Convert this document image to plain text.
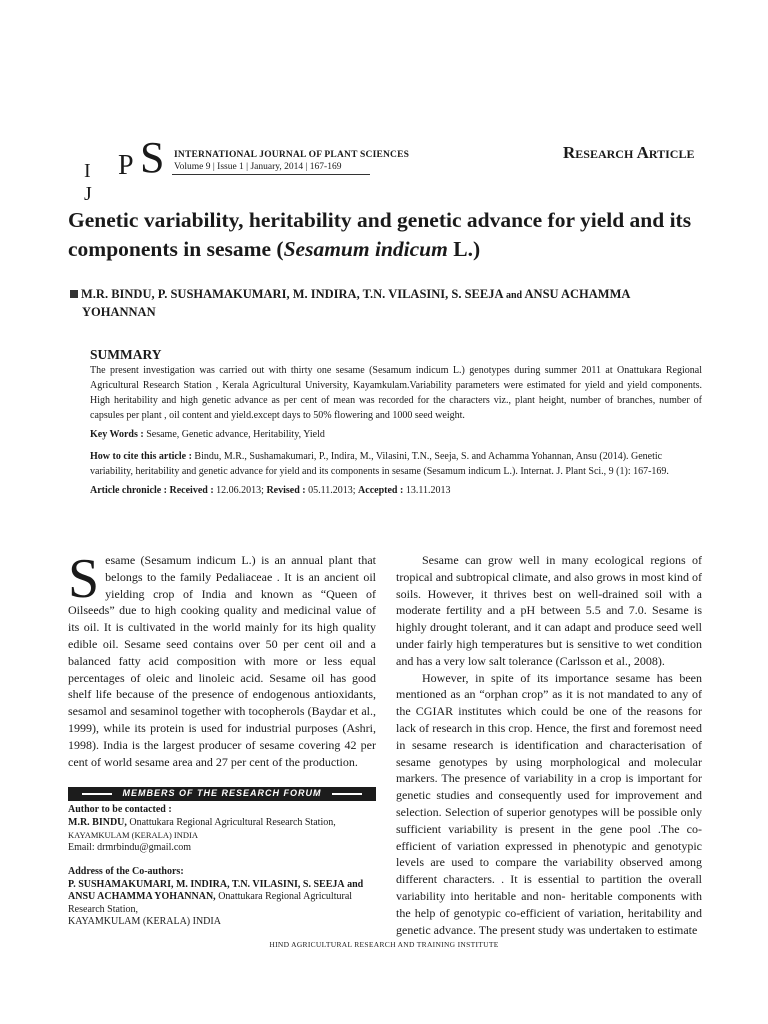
I J
P S INTERNATIONAL JOURNAL OF PLANT SCIENCES
Volume 9 | Issue 1 | January, 2014 | 167-169
Research Article
Genetic variability, heritability and genetic advance for yield and its components in sesame (Sesamum indicum L.)
M.R. BINDU, P. SUSHAMAKUMARI, M. INDIRA, T.N. VILASINI, S. SEEJA and ANSU ACHAMMA
YOHANNAN
SUMMARY
The present investigation was carried out with thirty one sesame (Sesamum indicum L.) genotypes during summer 2011 at Onattukara Regional Agricultural Research Station , Kerala Agricultural University, Kayamkulam.Variability parameters were estimated for yield and yield components. High heritability and high genetic advance as per cent of mean was recorded for the characters viz., plant height, number of branches, number of capsules per plant , oil content and yield.except days to 50% flowering and 1000 seed weight.
Key Words : Sesame, Genetic advance, Heritability, Yield
How to cite this article : Bindu, M.R., Sushamakumari, P., Indira, M., Vilasini, T.N., Seeja, S. and Achamma Yohannan, Ansu (2014). Genetic variability, heritability and genetic advance for yield and its components in sesame (Sesamum indicum L.). Internat. J. Plant Sci., 9 (1): 167-169.
Article chronicle : Received : 12.06.2013; Revised : 05.11.2013; Accepted : 13.11.2013
S esame (Sesamum indicum L.) is an annual plant that belongs to the family Pedaliaceae . It is an ancient oil yielding crop of India and known as “Queen of Oilseeds” due to high cooking quality and medicinal value of its oil. It is cultivated in the world mainly for its high quality edible oil. Sesame seed contains over 50 per cent oil and a balanced fatty acid composition with more or less equal percentages of oleic and linoleic acid. Sesame oil has good shelf life because of the presence of endogenous antioxidants, sesamol and sesaminol together with tocopherols (Baydar et al., 1999), while its protein is used for industrial purposes (Ashri, 1998). India is the largest producer of sesame covering 42 per cent of world sesame area and 27 per cent of the production.

MEMBERS OF THE RESEARCH FORUM
Author to be contacted :
M.R. BINDU, Onattukara Regional Agricultural Research Station,
KAYAMKULAM (KERALA) INDIA
Email: drmrbindu@gmail.com
Address of the Co-authors:
P. SUSHAMAKUMARI, M. INDIRA, T.N. VILASINI, S. SEEJA and
ANSU ACHAMMA YOHANNAN, Onattukara Regional Agricultural Research Station,
KAYAMKULAM (KERALA) INDIA

Sesame can grow well in many ecological regions of tropical and subtropical climate, and also grows in most kind of soils. However, it thrives best on well-drained soil with a moderate fertility and a pH between 5.5 and 7.0. Sesame is highly drought tolerant, and it can adapt and produce seed well under fairly high temperatures but is sensitive to wet condition and has a very low salt tolerance (Carlsson et al., 2008).

However, in spite of its importance sesame has been mentioned as an “orphan crop” as it is not mandated to any of the CGIAR institutes which could be one of the reasons for lack of research in this crop. Hence, the first and foremost need in sesame research is identification and characterisation of sesame genotypes by using morphological and molecular markers. The presence of variability in a crop is important for genetic studies and consequently used for improvement and selection. Selection of superior genotypes will be possible only sufficient variability is present in the gene pool .The co-efficient of variation expressed in phenotypic and genotypic levels are used to compare the variability observed among different characters. . It is essential to partition the overall variability into heritable and non- heritable components with the help of genotypic co-efficient of variation, heritability and genetic advance. The present study was undertaken to estimate

HIND AGRICULTURAL RESEARCH AND TRAINING INSTITUTE
